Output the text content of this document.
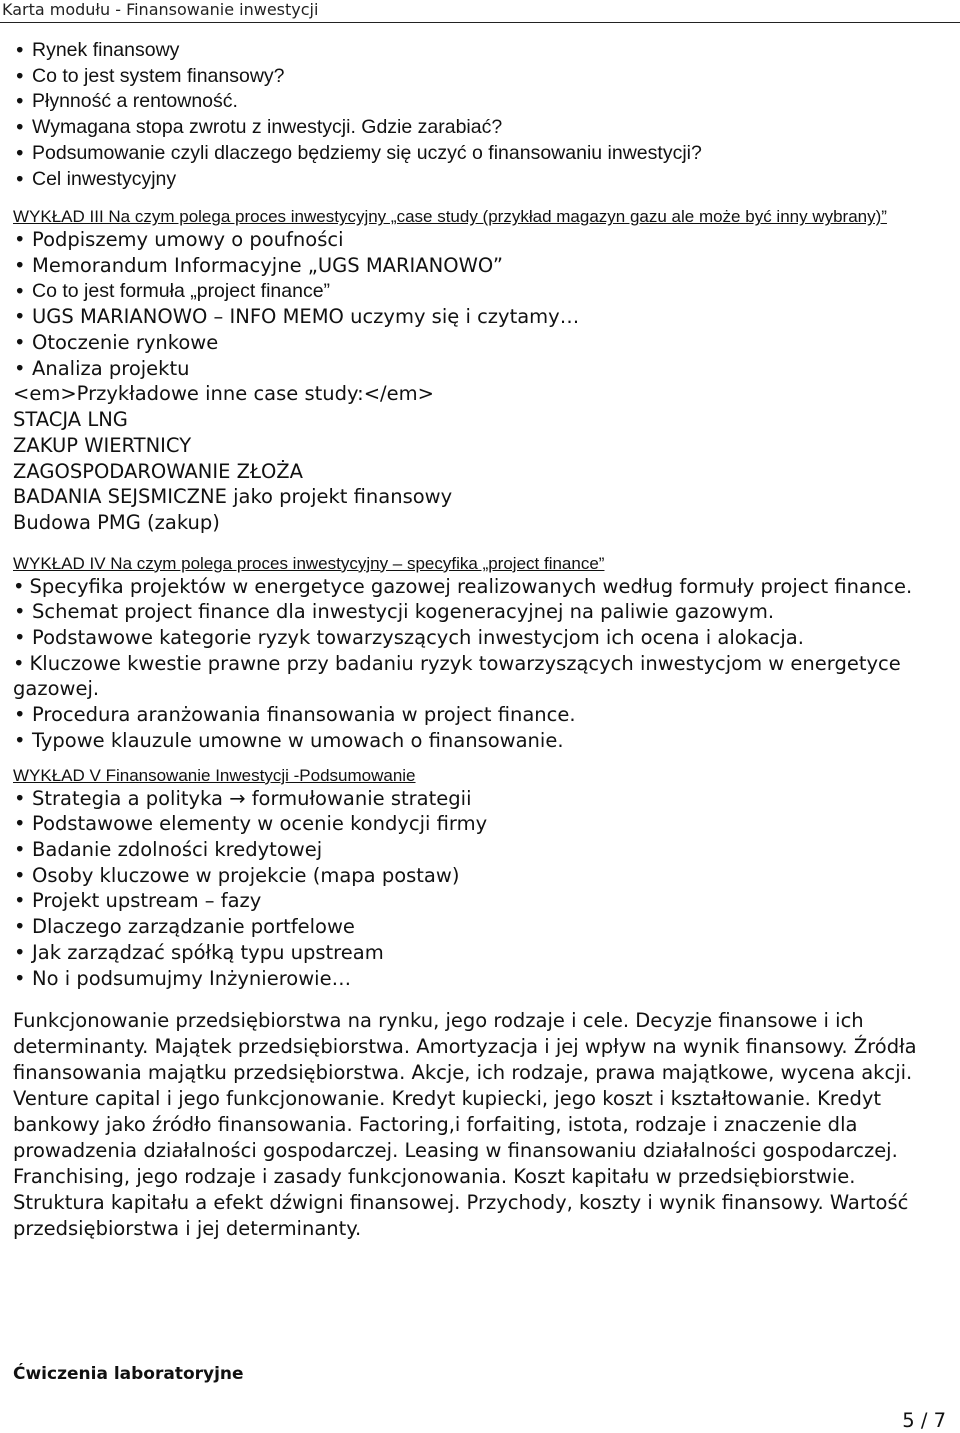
Karta modułu - Finansowanie inwestycji
• Rynek finansowy
• Co to jest system finansowy?
• Płynność a rentowność.
• Wymagana stopa zwrotu z inwestycji. Gdzie zarabiać?
• Podsumowanie czyli dlaczego będziemy się uczyć o finansowaniu inwestycji?
• Cel inwestycyjny
WYKŁAD III Na czym polega proces inwestycyjny „case study (przykład magazyn gazu ale może być inny wybrany)”
• Podpiszemy umowy o poufności
• Memorandum Informacyjne „UGS MARIANOWO”
• Co to jest formuła „project finance”
• UGS MARIANOWO – INFO MEMO uczymy się i czytamy…
• Otoczenie rynkowe
• Analiza projektu
<em>Przykładowe inne case study:</em>
STACJA LNG
ZAKUP WIERTNICY
ZAGOSPODAROWANIE ZŁOŻA
BADANIA SEJSMICZNE jako projekt finansowy
Budowa PMG (zakup)
WYKŁAD IV Na czym polega proces inwestycyjny – specyfika „project finance”
• Specyfika projektów w energetyce gazowej realizowanych według formuły project finance.
• Schemat project finance dla inwestycji kogeneracyjnej na paliwie gazowym.
• Podstawowe kategorie ryzyk towarzyszących inwestycjom ich ocena i alokacja.
• Kluczowe kwestie prawne przy badaniu ryzyk towarzyszących inwestycjom w energetyce gazowej.
• Procedura aranżowania finansowania w project finance.
• Typowe klauzule umowne w umowach o finansowanie.
WYKŁAD V Finansowanie Inwestycji -Podsumowanie
• Strategia a polityka → formułowanie strategii
• Podstawowe elementy w ocenie kondycji firmy
• Badanie zdolności kredytowej
• Osoby kluczowe w projekcie (mapa postaw)
• Projekt upstream – fazy
• Dlaczego zarządzanie portfelowe
• Jak zarządzać spółką typu upstream
• No i podsumujmy Inżynierowie…
Funkcjonowanie przedsiębiorstwa na rynku, jego rodzaje i cele. Decyzje finansowe i ich determinanty. Majątek przedsiębiorstwa. Amortyzacja i jej wpływ na wynik finansowy. Źródła finansowania majątku przedsiębiorstwa. Akcje, ich rodzaje, prawa majątkowe, wycena akcji. Venture capital i jego funkcjonowanie. Kredyt kupiecki, jego koszt i kształtowanie. Kredyt bankowy jako źródło finansowania. Factoring,i forfaiting, istota, rodzaje i znaczenie dla prowadzenia działalności gospodarczej. Leasing w finansowaniu działalności gospodarczej. Franchising, jego rodzaje i zasady funkcjonowania. Koszt kapitału w przedsiębiorstwie. Struktura kapitału a efekt dźwigni finansowej. Przychody, koszty i wynik finansowy. Wartość przedsiębiorstwa i jej determinanty.
Ćwiczenia laboratoryjne
5 / 7
